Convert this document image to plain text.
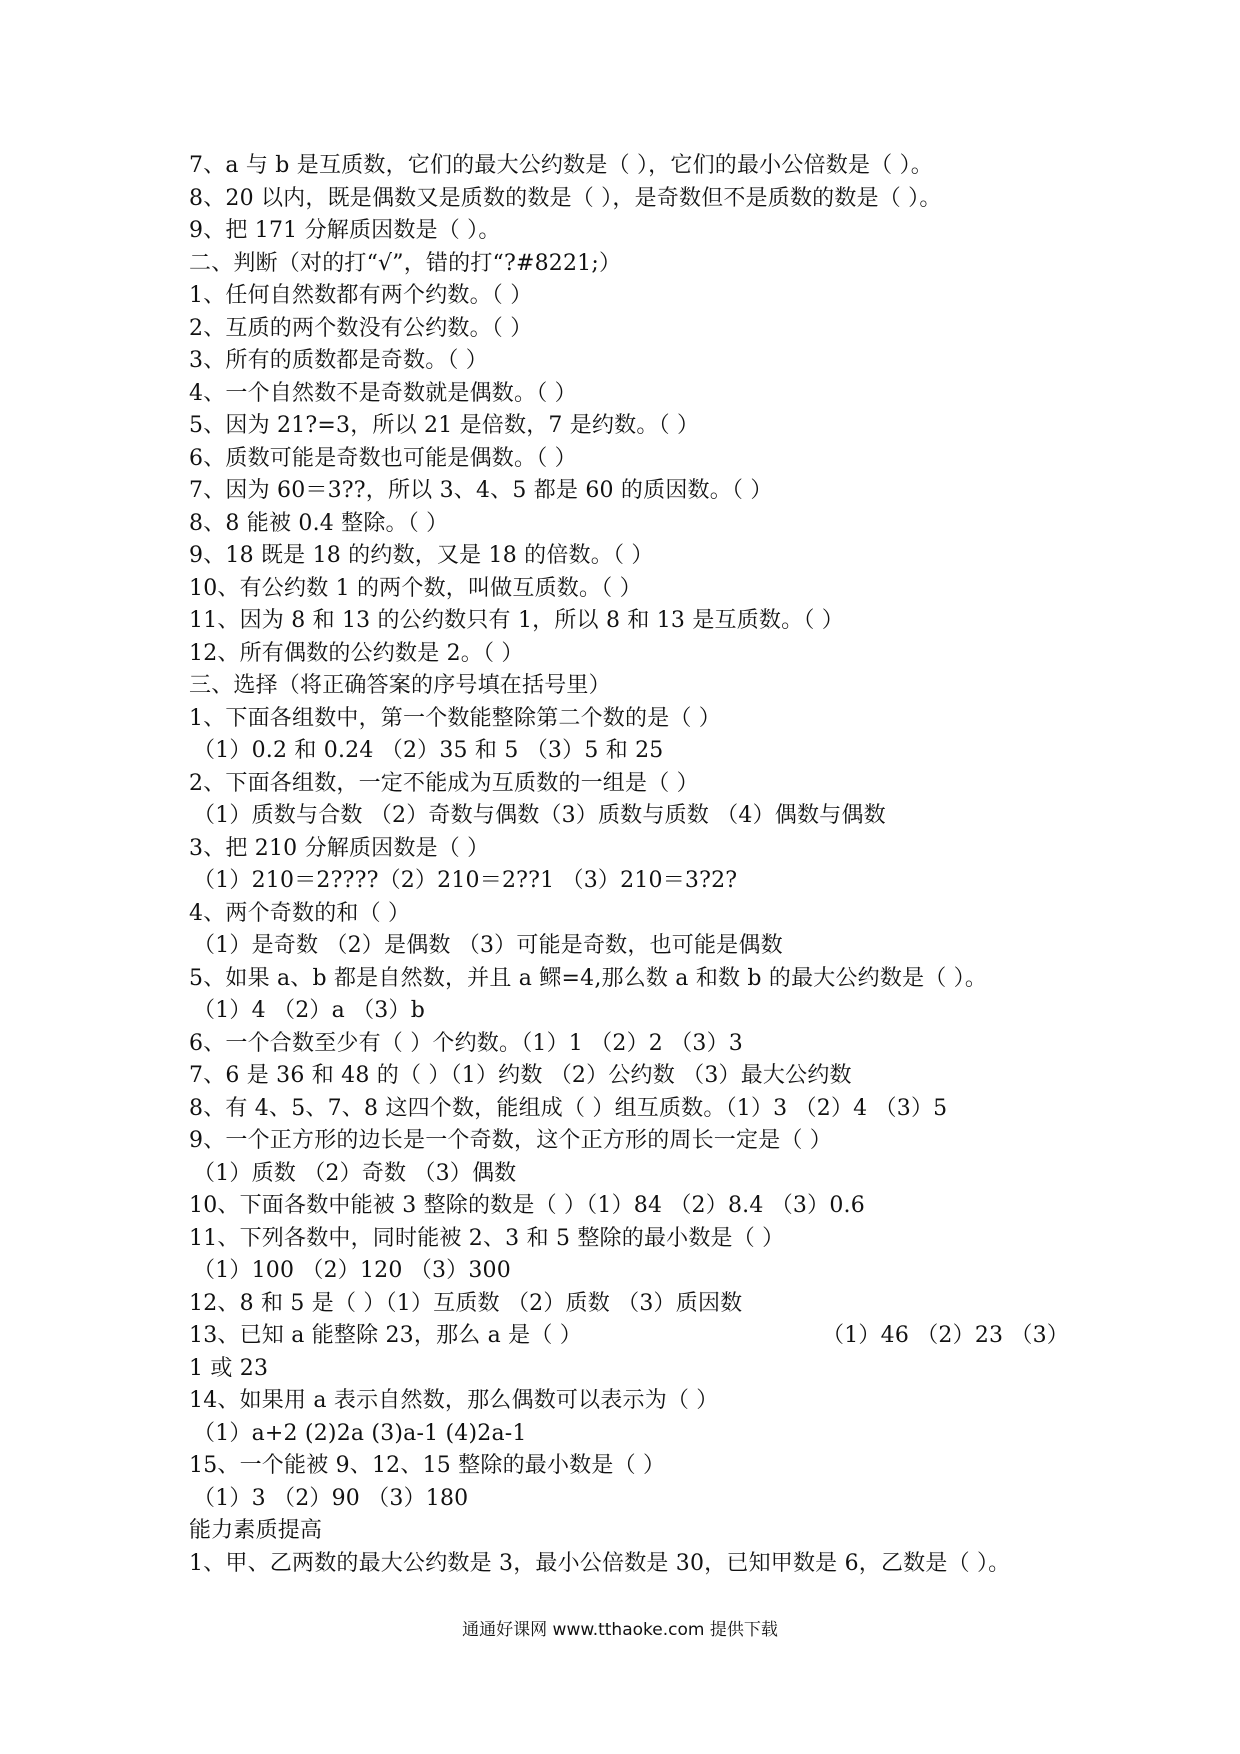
7、a 与 b 是互质数，它们的最大公约数是（ ），它们的最小公倍数是（ ）。
8、20 以内，既是偶数又是质数的数是（ ），是奇数但不是质数的数是（ ）。
9、把 171 分解质因数是（ ）。
二、判断（对的打“√”，错的打“?#8221;）
1、任何自然数都有两个约数。（ ）
2、互质的两个数没有公约数。（ ）
3、所有的质数都是奇数。（ ）
4、一个自然数不是奇数就是偶数。（ ）
5、因为 21?=3，所以 21 是倍数，7 是约数。（ ）
6、质数可能是奇数也可能是偶数。（ ）
7、因为 60＝3??，所以 3、4、5 都是 60 的质因数。（ ）
8、8 能被 0.4 整除。（ ）
9、18 既是 18 的约数，又是 18 的倍数。（ ）
10、有公约数 1 的两个数，叫做互质数。（ ）
11、因为 8 和 13 的公约数只有 1，所以 8 和 13 是互质数。（ ）
12、所有偶数的公约数是 2。（ ）
三、选择（将正确答案的序号填在括号里）
1、下面各组数中，第一个数能整除第二个数的是（ ）
（1）0.2 和 0.24 （2）35 和 5 （3）5 和 25
2、下面各组数，一定不能成为互质数的一组是（ ）
（1）质数与合数 （2）奇数与偶数（3）质数与质数 （4）偶数与偶数
3、把 210 分解质因数是（ ）
（1）210＝2????（2）210＝2??1 （3）210＝3?2?
4、两个奇数的和（ ）
（1）是奇数 （2）是偶数 （3）可能是奇数，也可能是偶数
5、如果 a、b 都是自然数，并且 a 鳏=4,那么数 a 和数 b 的最大公约数是（ ）。
（1）4 （2）a （3）b
6、一个合数至少有（ ）个约数。（1）1 （2）2 （3）3
7、6 是 36 和 48 的（ ）（1）约数 （2）公约数 （3）最大公约数
8、有 4、5、7、8 这四个数，能组成（ ）组互质数。（1）3 （2）4 （3）5
9、一个正方形的边长是一个奇数，这个正方形的周长一定是（ ）
（1）质数 （2）奇数 （3）偶数
10、下面各数中能被 3 整除的数是（ ）（1）84 （2）8.4 （3）0.6
11、下列各数中，同时能被 2、3 和 5 整除的最小数是（ ）
（1）100 （2）120 （3）300
12、8 和 5 是（ ）（1）互质数 （2）质数 （3）质因数
13、已知 a 能整除 23，那么 a 是（ ）	（1）46 （2）23 （3）
1 或 23
14、如果用 a 表示自然数，那么偶数可以表示为（ ）
（1）a+2 (2)2a (3)a-1 (4)2a-1
15、一个能被 9、12、15 整除的最小数是（ ）
（1）3 （2）90 （3）180
能力素质提高
1、甲、乙两数的最大公约数是 3，最小公倍数是 30，已知甲数是 6，乙数是（ ）。
通通好课网 www.tthaoke.com 提供下载
